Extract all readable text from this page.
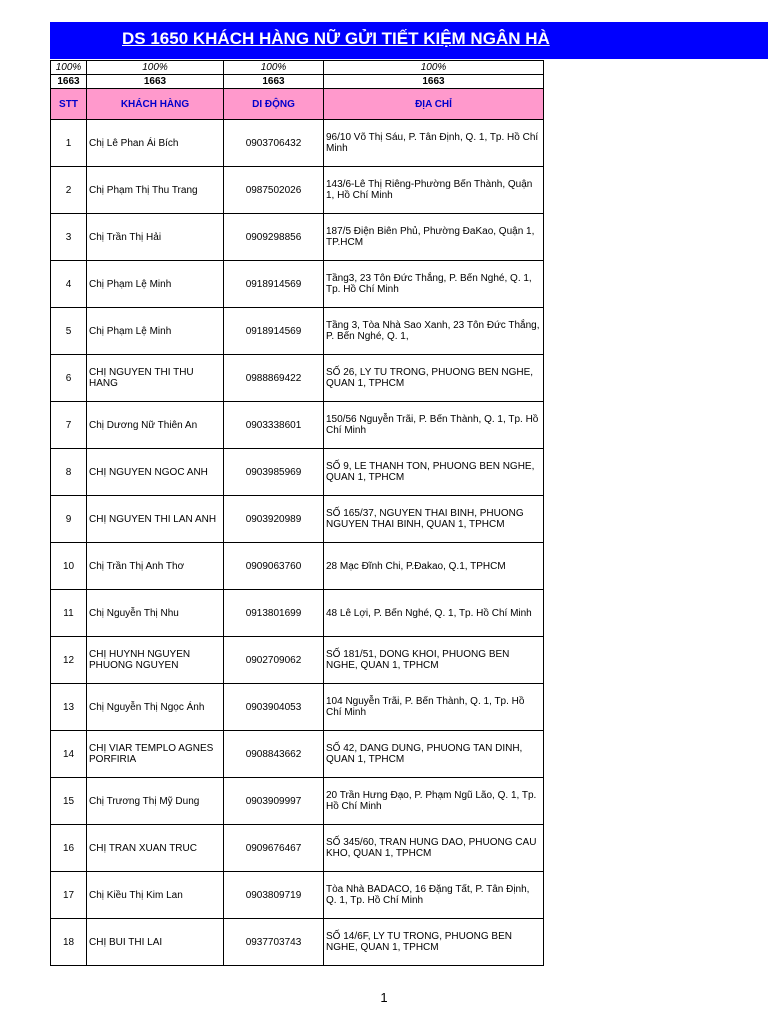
DS 1650 KHÁCH HÀNG NỮ GỬI TIẾT KIỆM NGÂN HÀ
100%	100%	100%	100%
1663	1663	1663	1663
STT	KHÁCH HÀNG	DI ĐỘNG	ĐỊA CHỈ
1	Chị Lê Phan Ái Bích	0903706432	96/10 Võ Thị Sáu, P. Tân Định, Q. 1, Tp. Hồ Chí Minh
2	Chị Phạm Thị Thu Trang	0987502026	143/6-Lê Thị Riêng-Phường Bến Thành, Quận 1, Hồ Chí Minh
3	Chị Trần Thị Hải	0909298856	187/5 Điện Biên Phủ, Phường ĐaKao, Quận 1, TP.HCM
4	Chị Phạm Lệ Minh	0918914569	Tầng3, 23 Tôn Đức Thắng, P. Bến Nghé, Q. 1, Tp. Hồ Chí Minh
5	Chị Phạm Lệ Minh	0918914569	Tầng 3, Tòa Nhà Sao Xanh, 23 Tôn Đức Thắng, P. Bến Nghé, Q. 1,
6	CHỊ NGUYEN THI THU HANG	0988869422	SỐ 26, LY TU TRONG, PHUONG BEN NGHE, QUAN 1, TPHCM
7	Chị Dương Nữ Thiên An	0903338601	150/56 Nguyễn Trãi, P. Bến Thành, Q. 1, Tp. Hồ Chí Minh
8	CHỊ NGUYEN NGOC ANH	0903985969	SỐ 9, LE THANH TON, PHUONG BEN NGHE, QUAN 1, TPHCM
9	CHỊ NGUYEN THI LAN ANH	0903920989	SỐ 165/37, NGUYEN THAI BINH, PHUONG NGUYEN THAI BINH, QUAN 1, TPHCM
10	Chị Trần Thị Anh Thơ	0909063760	28 Mạc Đĩnh Chi, P.Đakao, Q.1, TPHCM
11	Chị Nguyễn Thị Nhu	0913801699	48 Lê Lợi, P. Bến Nghé, Q. 1, Tp. Hồ Chí Minh
12	CHỊ HUYNH NGUYEN PHUONG NGUYEN	0902709062	SỐ 181/51, DONG KHOI, PHUONG BEN NGHE, QUAN 1, TPHCM
13	Chị Nguyễn Thị Ngọc Ánh	0903904053	104 Nguyễn Trãi, P. Bến Thành, Q. 1, Tp. Hồ Chí Minh
14	CHỊ VIAR TEMPLO AGNES PORFIRIA	0908843662	SỐ 42, DANG DUNG, PHUONG TAN DINH, QUAN 1, TPHCM
15	Chị Trương Thị Mỹ Dung	0903909997	20 Trần Hưng Đạo, P. Phạm Ngũ Lão, Q. 1, Tp. Hồ Chí Minh
16	CHỊ TRAN XUAN TRUC	0909676467	SỐ 345/60, TRAN HUNG DAO, PHUONG CAU KHO, QUAN 1, TPHCM
17	Chị Kiều Thị Kim Lan	0903809719	Tòa Nhà BADACO, 16 Đặng Tất, P. Tân Định, Q. 1, Tp. Hồ Chí Minh
18	CHỊ BUI THI LAI	0937703743	SỐ 14/6F, LY TU TRONG, PHUONG BEN NGHE, QUAN 1, TPHCM
1
